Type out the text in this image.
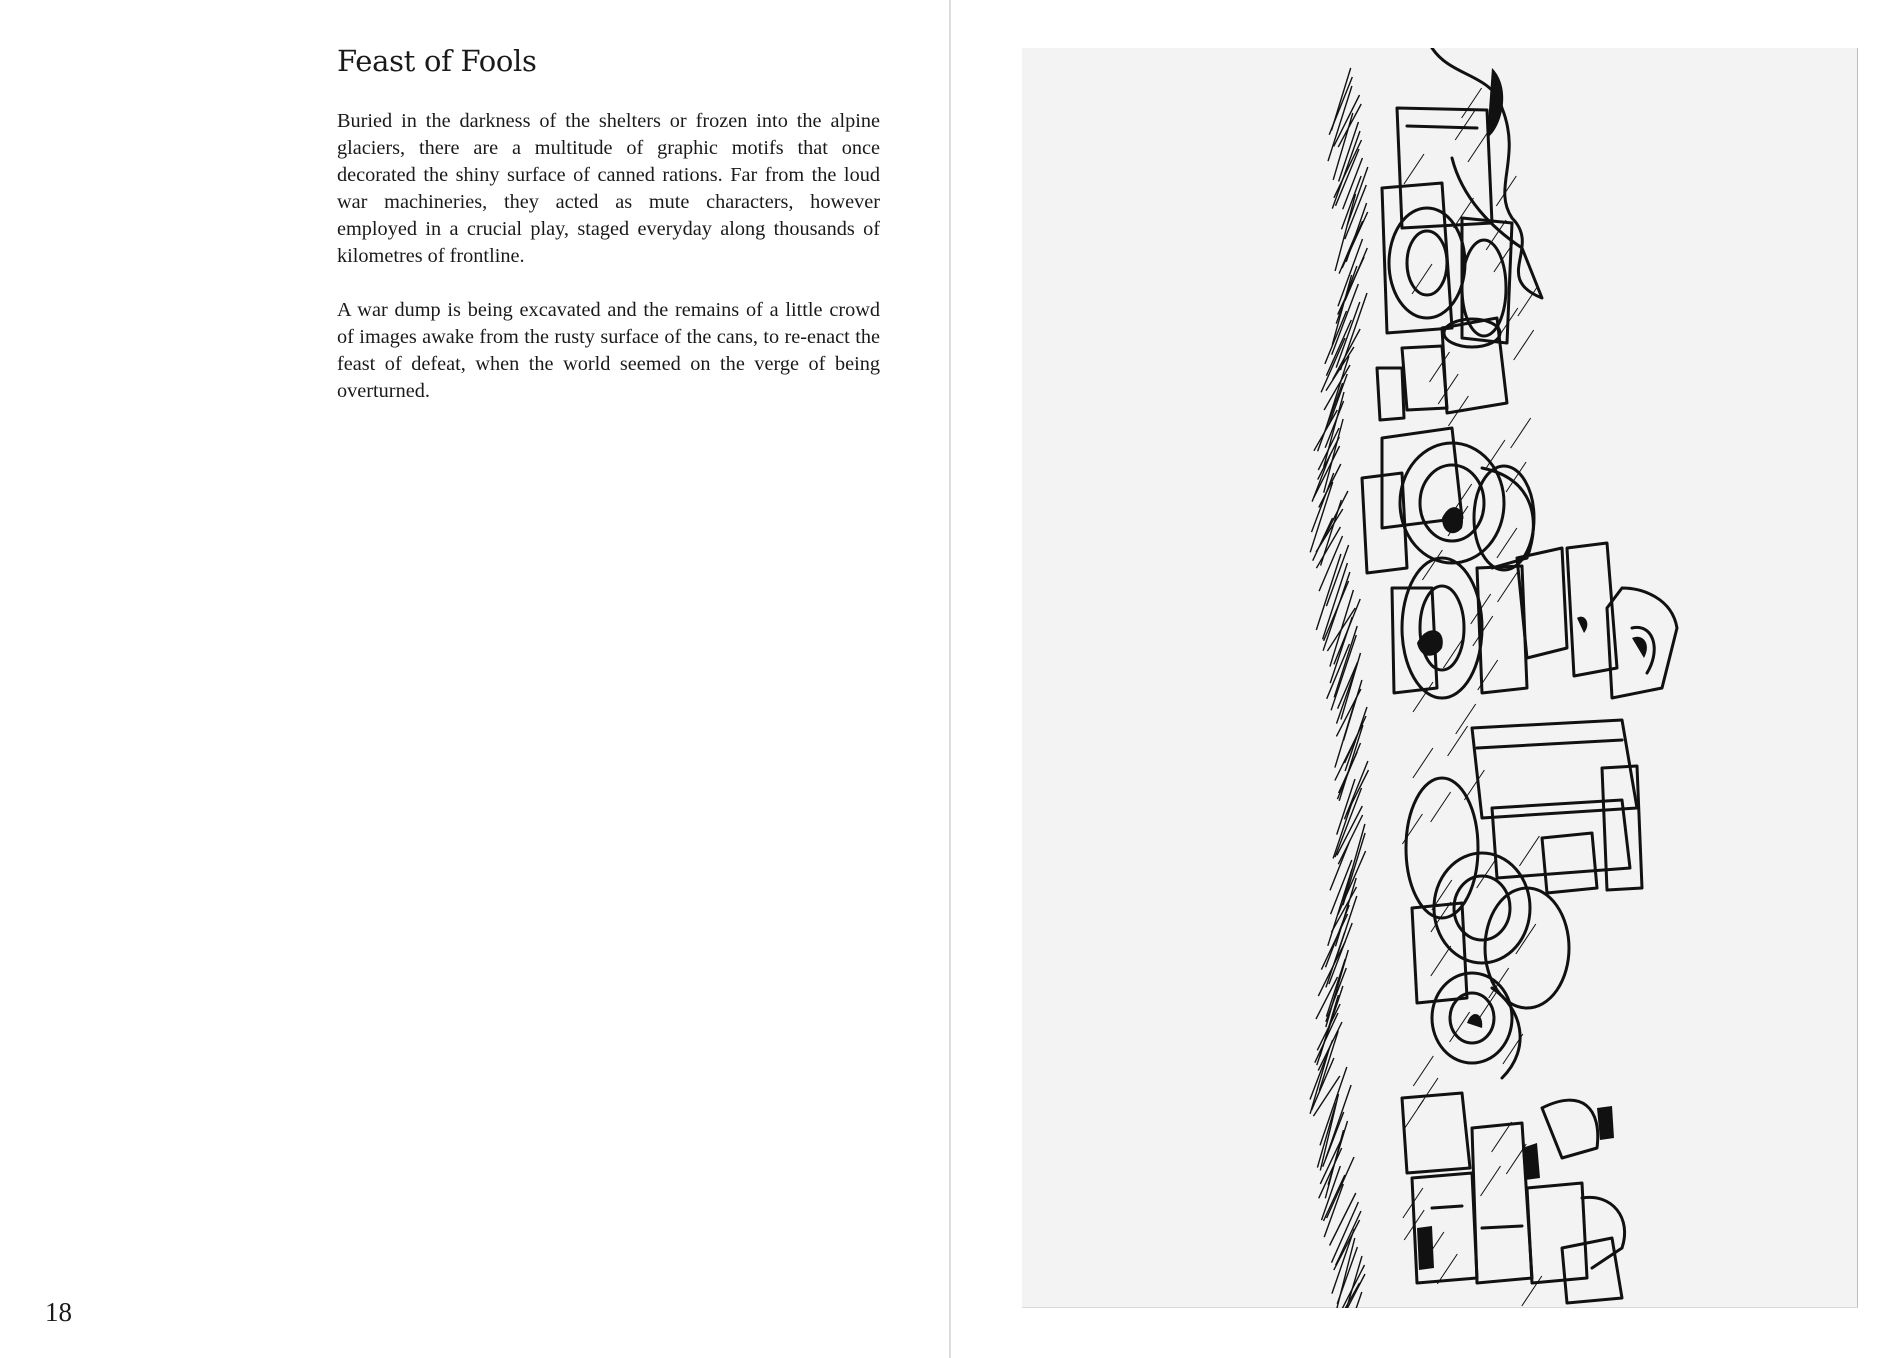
Feast of Fools

Buried in the darkness of the shelters or frozen into the alpine glaciers, there are a multitude of graphic motifs that once decorated the shiny surface of canned rations. Far from the loud war machineries, they acted as mute characters, however employed in a crucial play, staged everyday along thousands of kilometres of frontline.

A war dump is being excavated and the remains of a little crowd of images awake from the rusty surface of the cans, to re-enact the feast of defeat, when the world seemed on the verge of being overturned.

18
